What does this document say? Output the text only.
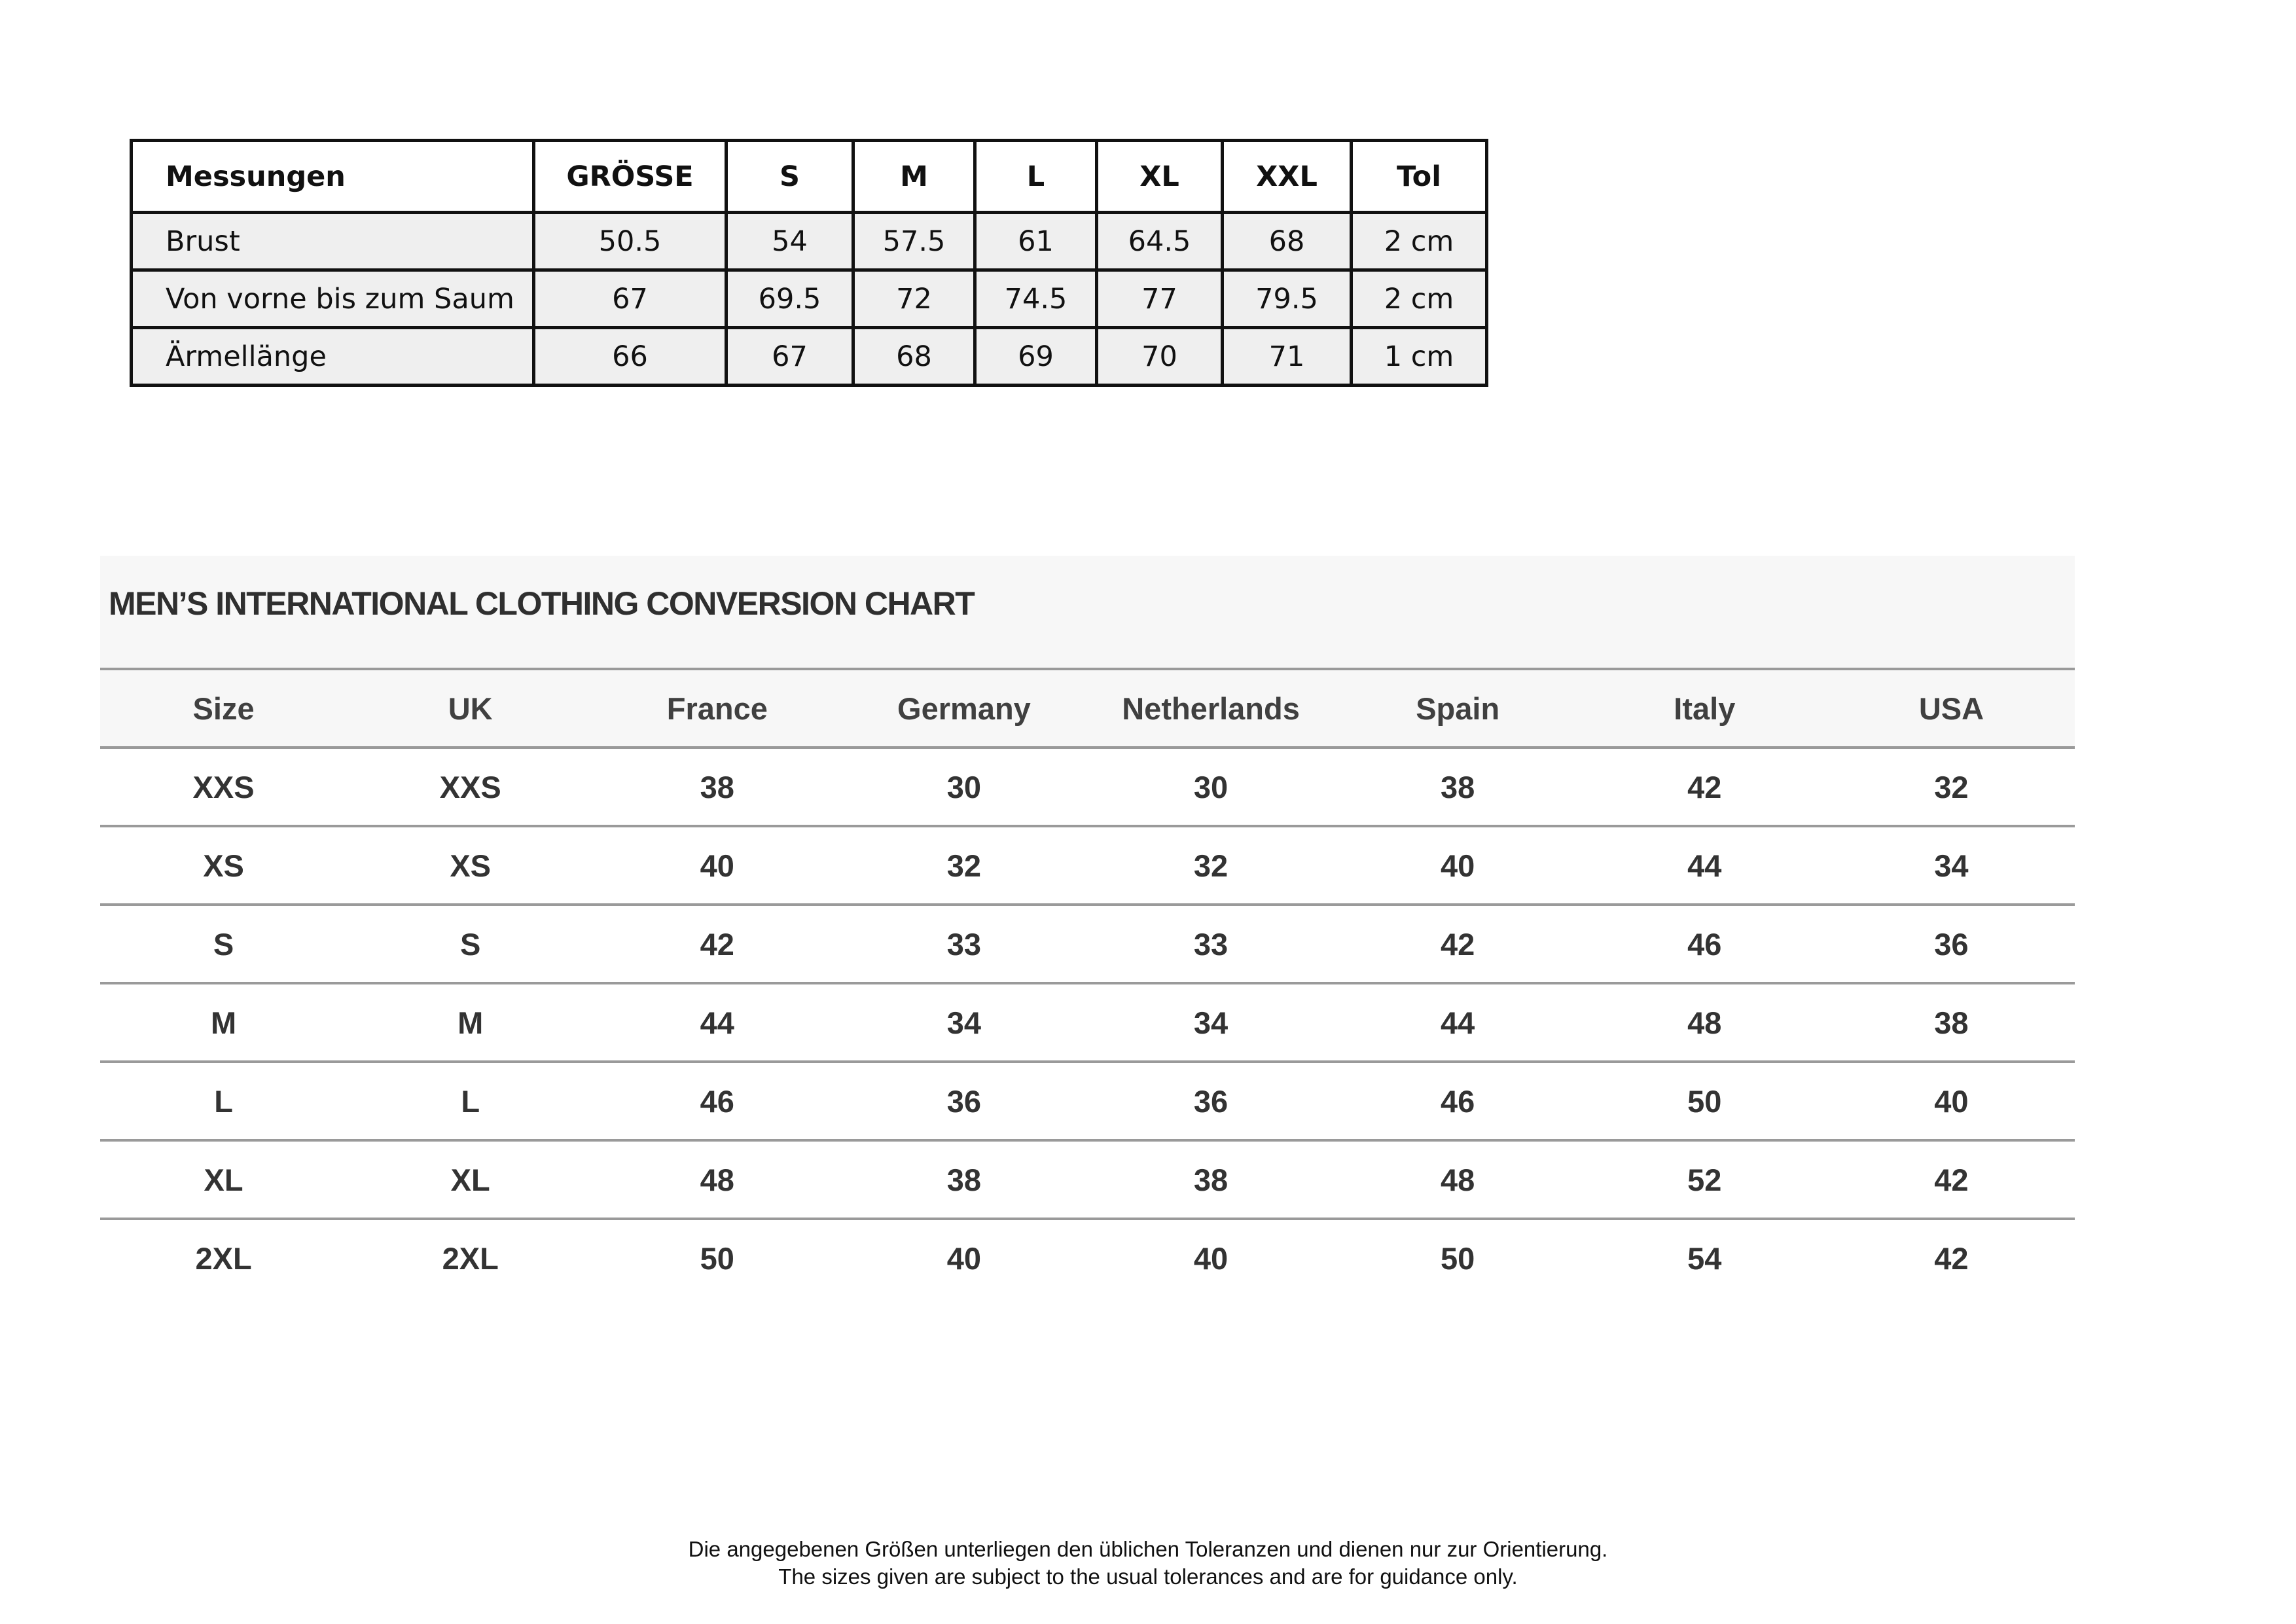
Messungen	GRÖSSE	S	M	L	XL	XXL	Tol
Brust	50.5	54	57.5	61	64.5	68	2 cm
Von vorne bis zum Saum	67	69.5	72	74.5	77	79.5	2 cm
Ärmellänge	66	67	68	69	70	71	1 cm
MEN’S INTERNATIONAL CLOTHING CONVERSION CHART
Size	UK	France	Germany	Netherlands	Spain	Italy	USA
XXS	XXS	38	30	30	38	42	32
XS	XS	40	32	32	40	44	34
S	S	42	33	33	42	46	36
M	M	44	34	34	44	48	38
L	L	46	36	36	46	50	40
XL	XL	48	38	38	48	52	42
2XL	2XL	50	40	40	50	54	42
Die angegebenen Größen unterliegen den üblichen Toleranzen und dienen nur zur Orientierung.
The sizes given are subject to the usual tolerances and are for guidance only.
